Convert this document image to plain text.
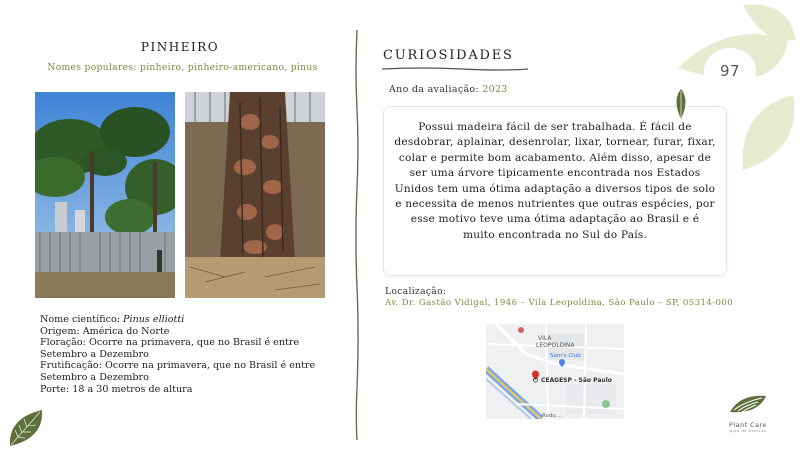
PINHEIRO
Nomes populares: pinheiro, pinheiro-americano, pinus

Nome científico: Pinus elliotti

Origem: América do Norte

Floração: Ocorre na primavera, que no Brasil é entre Setembro a Dezembro

Frutificação: Ocorre na primavera, que no Brasil é entre Setembro a Dezembro

Porte: 18 a 30 metros de altura

CURIOSIDADES
Ano da avaliação: 2023
Possui madeira fácil de ser trabalhada. É fácil de desdobrar, aplainar, desenrolar, lixar, tornear, furar, fixar, colar e permite bom acabamento. Além disso, apesar de ser uma árvore tipicamente encontrada nos Estados Unidos tem uma ótima adaptação a diversos tipos de solo e necessita de menos nutrientes que outras espécies, por esse motivo teve uma ótima adaptação ao Brasil e é muito encontrada no Sul do País.
Localização:
Av. Dr. Gastão Vidigal, 1946 – Vila Leopoldina, São Paulo – SP, 05314-000
VILA
LEOPOLDINA
Sam's Club
CEAGESP - São Paulo
Rodo...
97
Plant Care
guia de plantas
